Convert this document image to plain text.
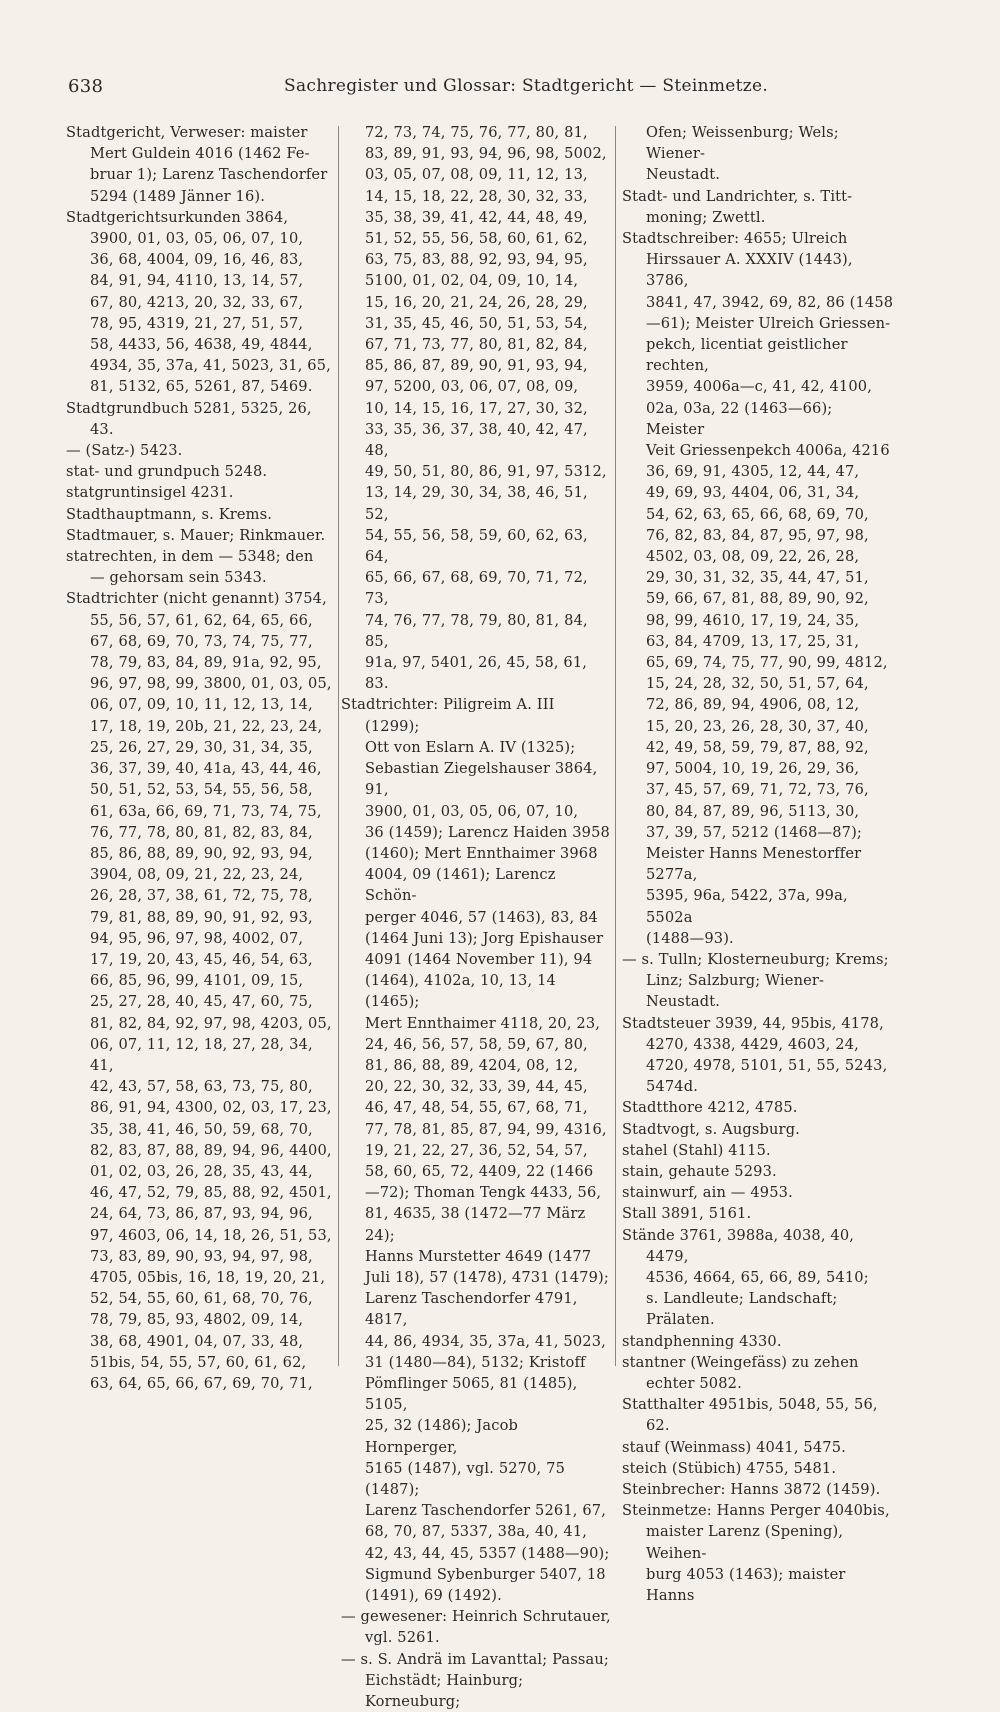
638	Sachregister und Glossar: Stadtgericht — Steinmetze.
Stadtgericht, Verweser: maister
Mert Guldein 4016 (1462 Fe-
bruar 1); Larenz Taschendorfer
5294 (1489 Jänner 16).
Stadtgerichtsurkunden 3864,
3900, 01, 03, 05, 06, 07, 10,
36, 68, 4004, 09, 16, 46, 83,
84, 91, 94, 4110, 13, 14, 57,
67, 80, 4213, 20, 32, 33, 67,
78, 95, 4319, 21, 27, 51, 57,
58, 4433, 56, 4638, 49, 4844,
4934, 35, 37a, 41, 5023, 31, 65,
81, 5132, 65, 5261, 87, 5469.
Stadtgrundbuch 5281, 5325, 26,
43.
— (Satz-) 5423.
stat- und grundpuch 5248.
statgruntinsigel 4231.
Stadthauptmann, s. Krems.
Stadtmauer, s. Mauer; Rinkmauer.
statrechten, in dem — 5348; den
— gehorsam sein 5343.
Stadtrichter (nicht genannt) 3754,
55, 56, 57, 61, 62, 64, 65, 66,
67, 68, 69, 70, 73, 74, 75, 77,
78, 79, 83, 84, 89, 91a, 92, 95,
96, 97, 98, 99, 3800, 01, 03, 05,
06, 07, 09, 10, 11, 12, 13, 14,
17, 18, 19, 20b, 21, 22, 23, 24,
25, 26, 27, 29, 30, 31, 34, 35,
36, 37, 39, 40, 41a, 43, 44, 46,
50, 51, 52, 53, 54, 55, 56, 58,
61, 63a, 66, 69, 71, 73, 74, 75,
76, 77, 78, 80, 81, 82, 83, 84,
85, 86, 88, 89, 90, 92, 93, 94,
3904, 08, 09, 21, 22, 23, 24,
26, 28, 37, 38, 61, 72, 75, 78,
79, 81, 88, 89, 90, 91, 92, 93,
94, 95, 96, 97, 98, 4002, 07,
17, 19, 20, 43, 45, 46, 54, 63,
66, 85, 96, 99, 4101, 09, 15,
25, 27, 28, 40, 45, 47, 60, 75,
81, 82, 84, 92, 97, 98, 4203, 05,
06, 07, 11, 12, 18, 27, 28, 34, 41,
42, 43, 57, 58, 63, 73, 75, 80,
86, 91, 94, 4300, 02, 03, 17, 23,
35, 38, 41, 46, 50, 59, 68, 70,
82, 83, 87, 88, 89, 94, 96, 4400,
01, 02, 03, 26, 28, 35, 43, 44,
46, 47, 52, 79, 85, 88, 92, 4501,
24, 64, 73, 86, 87, 93, 94, 96,
97, 4603, 06, 14, 18, 26, 51, 53,
73, 83, 89, 90, 93, 94, 97, 98,
4705, 05bis, 16, 18, 19, 20, 21,
52, 54, 55, 60, 61, 68, 70, 76,
78, 79, 85, 93, 4802, 09, 14,
38, 68, 4901, 04, 07, 33, 48,
51bis, 54, 55, 57, 60, 61, 62,
63, 64, 65, 66, 67, 69, 70, 71,
72, 73, 74, 75, 76, 77, 80, 81,
83, 89, 91, 93, 94, 96, 98, 5002,
03, 05, 07, 08, 09, 11, 12, 13,
14, 15, 18, 22, 28, 30, 32, 33,
35, 38, 39, 41, 42, 44, 48, 49,
51, 52, 55, 56, 58, 60, 61, 62,
63, 75, 83, 88, 92, 93, 94, 95,
5100, 01, 02, 04, 09, 10, 14,
15, 16, 20, 21, 24, 26, 28, 29,
31, 35, 45, 46, 50, 51, 53, 54,
67, 71, 73, 77, 80, 81, 82, 84,
85, 86, 87, 89, 90, 91, 93, 94,
97, 5200, 03, 06, 07, 08, 09,
10, 14, 15, 16, 17, 27, 30, 32,
33, 35, 36, 37, 38, 40, 42, 47, 48,
49, 50, 51, 80, 86, 91, 97, 5312,
13, 14, 29, 30, 34, 38, 46, 51, 52,
54, 55, 56, 58, 59, 60, 62, 63, 64,
65, 66, 67, 68, 69, 70, 71, 72, 73,
74, 76, 77, 78, 79, 80, 81, 84, 85,
91a, 97, 5401, 26, 45, 58, 61, 83.
Stadtrichter: Piligreim A. III (1299);
Ott von Eslarn A. IV (1325);
Sebastian Ziegelshauser 3864, 91,
3900, 01, 03, 05, 06, 07, 10,
36 (1459); Larencz Haiden 3958
(1460); Mert Ennthaimer 3968
4004, 09 (1461); Larencz Schön-
perger 4046, 57 (1463), 83, 84
(1464 Juni 13); Jorg Epishauser
4091 (1464 November 11), 94
(1464), 4102a, 10, 13, 14 (1465);
Mert Ennthaimer 4118, 20, 23,
24, 46, 56, 57, 58, 59, 67, 80,
81, 86, 88, 89, 4204, 08, 12,
20, 22, 30, 32, 33, 39, 44, 45,
46, 47, 48, 54, 55, 67, 68, 71,
77, 78, 81, 85, 87, 94, 99, 4316,
19, 21, 22, 27, 36, 52, 54, 57,
58, 60, 65, 72, 4409, 22 (1466
—72); Thoman Tengk 4433, 56,
81, 4635, 38 (1472—77 März 24);
Hanns Murstetter 4649 (1477
Juli 18), 57 (1478), 4731 (1479);
Larenz Taschendorfer 4791, 4817,
44, 86, 4934, 35, 37a, 41, 5023,
31 (1480—84), 5132; Kristoff
Pömflinger 5065, 81 (1485), 5105,
25, 32 (1486); Jacob Hornperger,
5165 (1487), vgl. 5270, 75 (1487);
Larenz Taschendorfer 5261, 67,
68, 70, 87, 5337, 38a, 40, 41,
42, 43, 44, 45, 5357 (1488—90);
Sigmund Sybenburger 5407, 18
(1491), 69 (1492).
— gewesener: Heinrich Schrutauer,
vgl. 5261.
— s. S. Andrä im Lavanttal; Passau;
Eichstädt; Hainburg; Korneuburg;
Ofen; Weissenburg; Wels; Wiener-
Neustadt.
Stadt- und Landrichter, s. Titt-
moning; Zwettl.
Stadtschreiber: 4655; Ulreich
Hirssauer A. XXXIV (1443), 3786,
3841, 47, 3942, 69, 82, 86 (1458
—61); Meister Ulreich Griessen-
pekch, licentiat geistlicher rechten,
3959, 4006a—c, 41, 42, 4100,
02a, 03a, 22 (1463—66); Meister
Veit Griessenpekch 4006a, 4216
36, 69, 91, 4305, 12, 44, 47,
49, 69, 93, 4404, 06, 31, 34,
54, 62, 63, 65, 66, 68, 69, 70,
76, 82, 83, 84, 87, 95, 97, 98,
4502, 03, 08, 09, 22, 26, 28,
29, 30, 31, 32, 35, 44, 47, 51,
59, 66, 67, 81, 88, 89, 90, 92,
98, 99, 4610, 17, 19, 24, 35,
63, 84, 4709, 13, 17, 25, 31,
65, 69, 74, 75, 77, 90, 99, 4812,
15, 24, 28, 32, 50, 51, 57, 64,
72, 86, 89, 94, 4906, 08, 12,
15, 20, 23, 26, 28, 30, 37, 40,
42, 49, 58, 59, 79, 87, 88, 92,
97, 5004, 10, 19, 26, 29, 36,
37, 45, 57, 69, 71, 72, 73, 76,
80, 84, 87, 89, 96, 5113, 30,
37, 39, 57, 5212 (1468—87);
Meister Hanns Menestorffer 5277a,
5395, 96a, 5422, 37a, 99a, 5502a
(1488—93).
— s. Tulln; Klosterneuburg; Krems;
Linz; Salzburg; Wiener-Neustadt.
Stadtsteuer 3939, 44, 95bis, 4178,
4270, 4338, 4429, 4603, 24,
4720, 4978, 5101, 51, 55, 5243,
5474d.
Stadtthore 4212, 4785.
Stadtvogt, s. Augsburg.
stahel (Stahl) 4115.
stain, gehaute 5293.
stainwurf, ain — 4953.
Stall 3891, 5161.
Stände 3761, 3988a, 4038, 40, 4479,
4536, 4664, 65, 66, 89, 5410;
s. Landleute; Landschaft; Prälaten.
standphenning 4330.
stantner (Weingefäss) zu zehen
echter 5082.
Statthalter 4951bis, 5048, 55, 56,
62.
stauf (Weinmass) 4041, 5475.
steich (Stübich) 4755, 5481.
Steinbrecher: Hanns 3872 (1459).
Steinmetze: Hanns Perger 4040bis,
maister Larenz (Spening), Weihen-
burg 4053 (1463); maister Hanns
